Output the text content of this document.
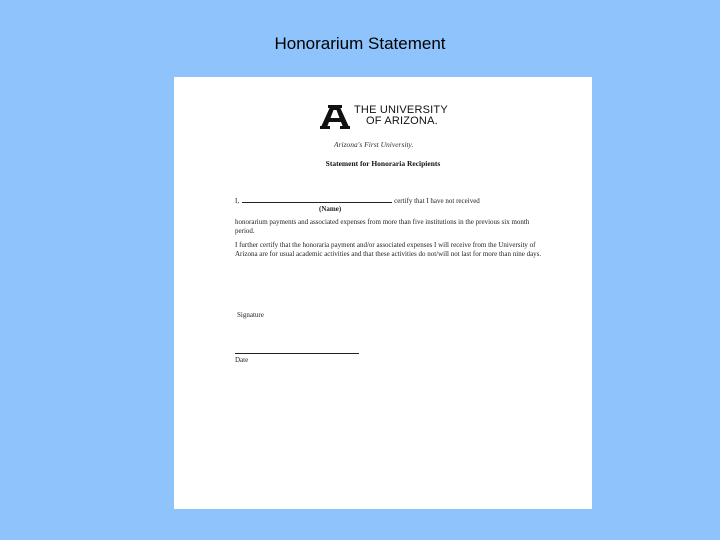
Honorarium Statement
THE UNIVERSITY
OF ARIZONA.
Arizona's First University.
Statement for Honoraria Recipients
I,	certify that I have not received
(Name)
honorarium payments and associated expenses from more than five institutions in the previous six month period.
I further certify that the honoraria payment and/or associated expenses I will receive from the University of Arizona are for usual academic activities and that these activities do not/will not last for more than nine days.
Signature
Date
